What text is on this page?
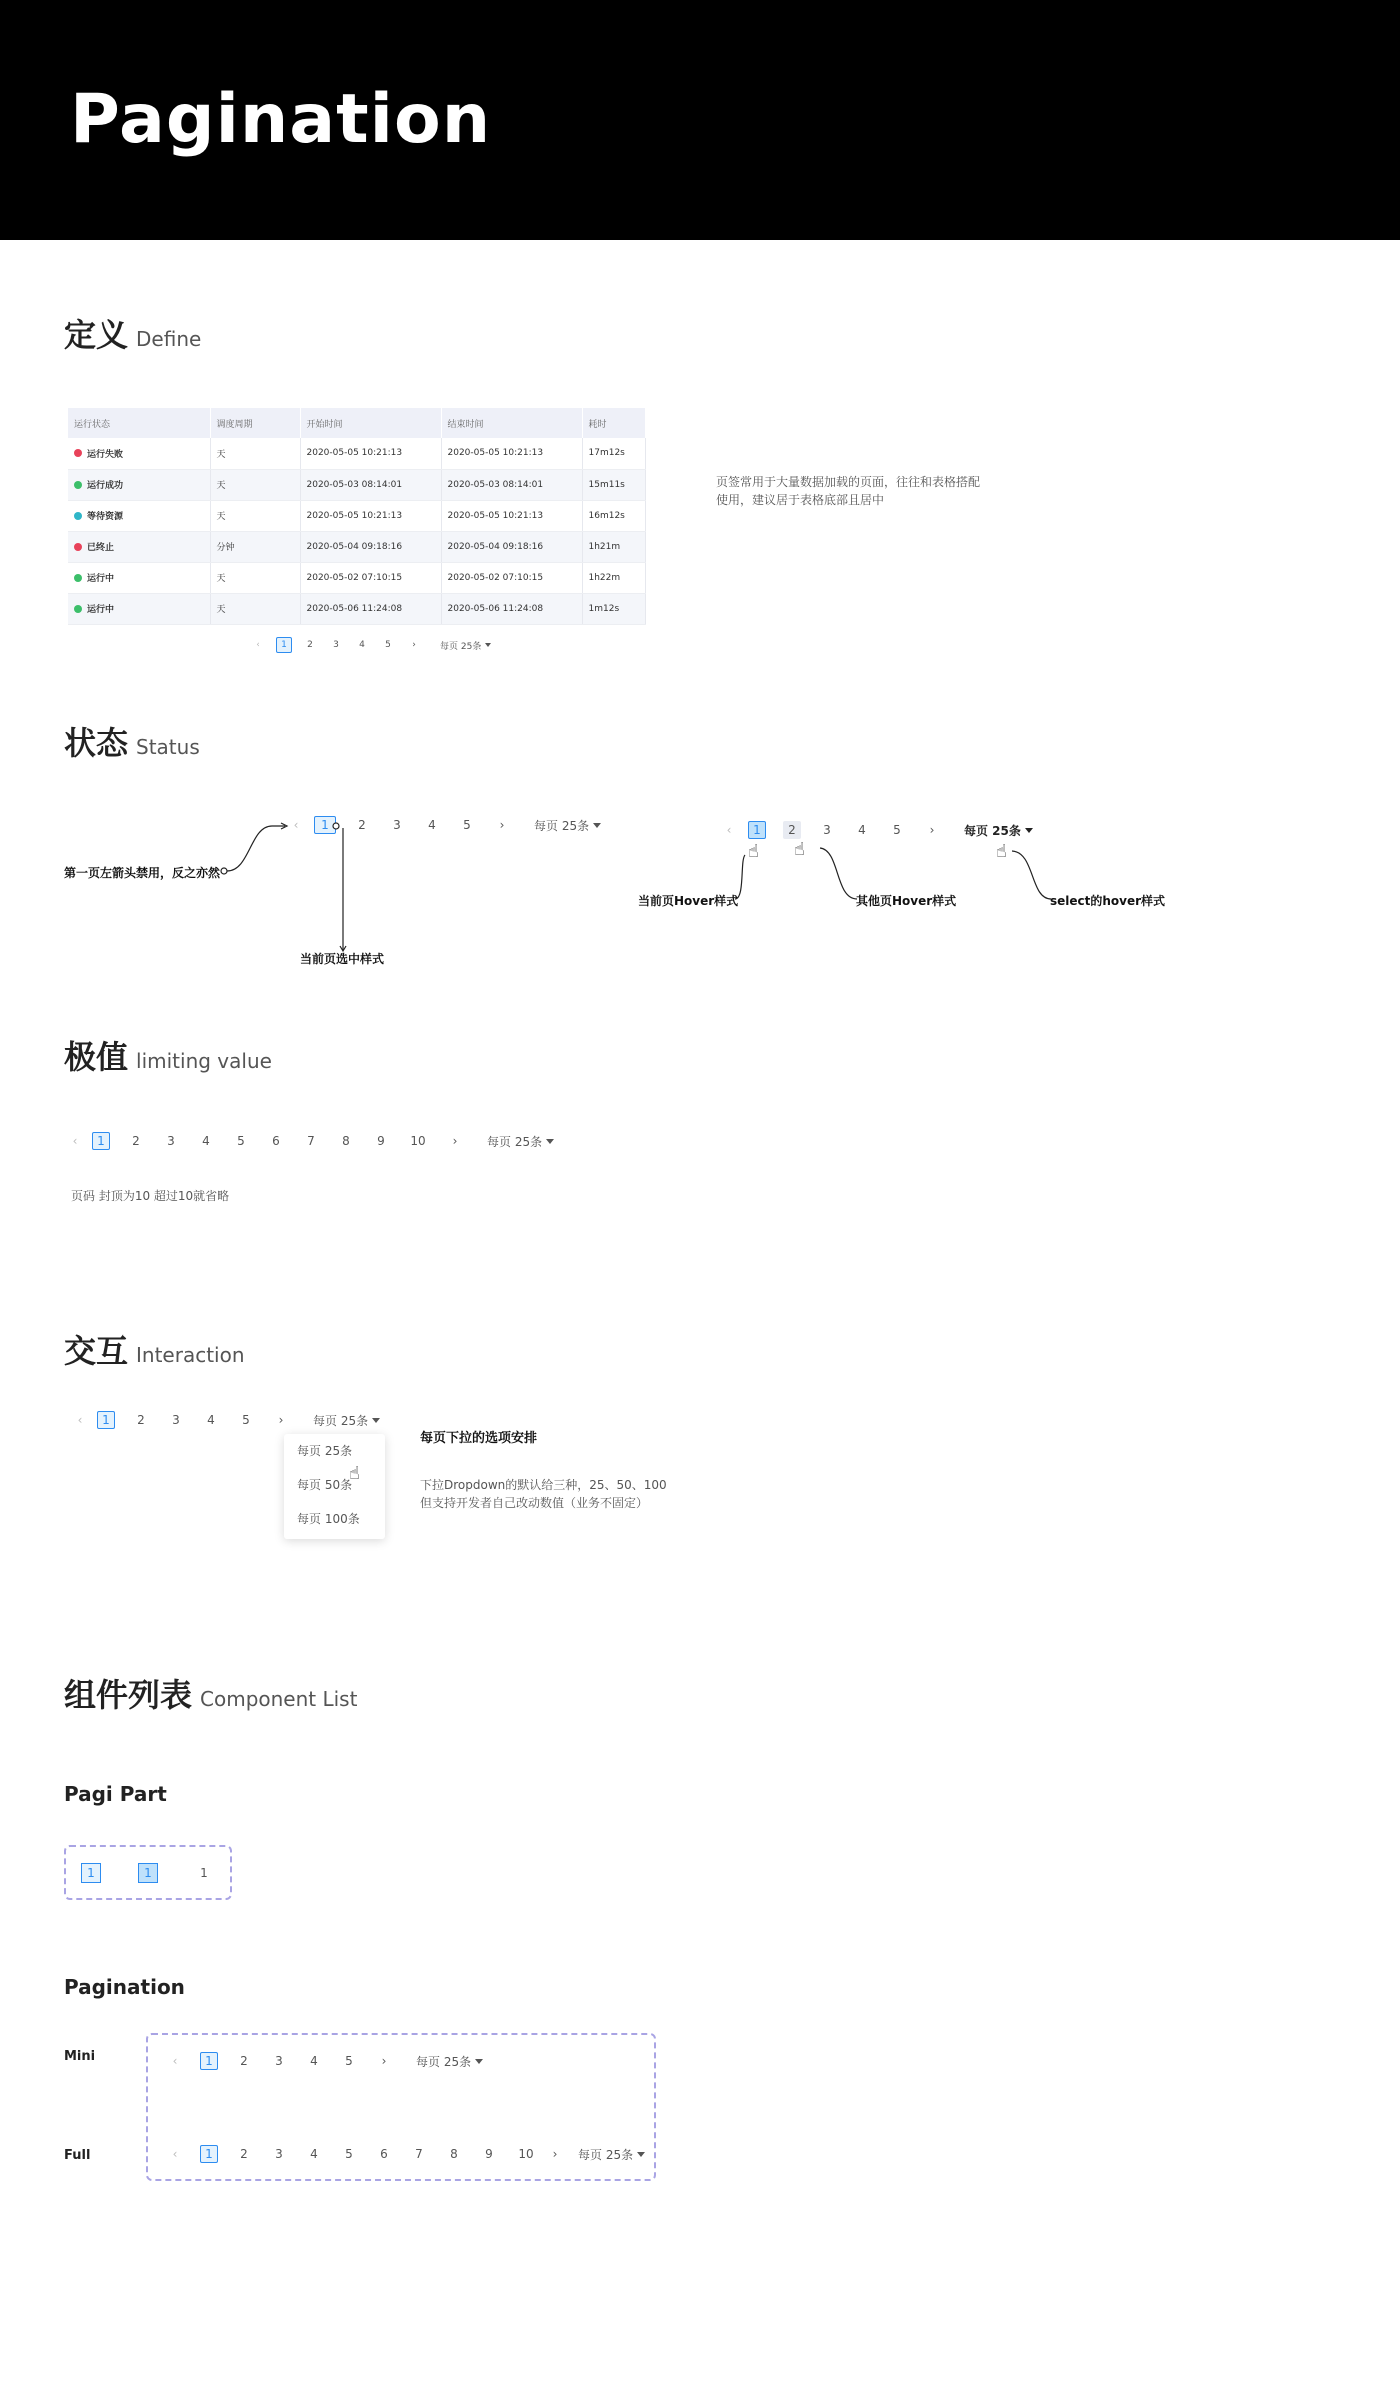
Pagination
定义 Define
运行状态	调度周期	开始时间	结束时间	耗时

运行失败	天	2020-05-05 10:21:13	2020-05-05 10:21:13	17m12s

运行成功	天	2020-05-03 08:14:01	2020-05-03 08:14:01	15m11s

等待资源	天	2020-05-05 10:21:13	2020-05-05 10:21:13	16m12s

已终止	分钟	2020-05-04 09:18:16	2020-05-04 09:18:16	1h21m

运行中	天	2020-05-02 07:10:15	2020-05-02 07:10:15	1h22m

运行中	天	2020-05-06 11:24:08	2020-05-06 11:24:08	1m12s
‹	1	2	3	4	5	›	每页 25条
页签常用于大量数据加载的页面，往往和表格搭配
使用，建议居于表格底部且居中
状态 Status
‹	1	2	3	4	5	›	每页 25条	‹	1	2	3	4	5	›	每页 25条
☝ ☝	☝
第一页左箭头禁用，反之亦然
当前页选中样式
当前页Hover样式	其他页Hover样式	select的hover样式
极值 limiting value
‹	1	2	3	4	5	6	7	8	9	10	›	每页 25条
页码 封顶为10 超过10就省略
交互 Interaction
‹	1	2	3	4	5	›	每页 25条
每页 25条
每页 50条
每页 100条
☝
每页下拉的选项安排
下拉Dropdown的默认给三种，25、50、100
但支持开发者自己改动数值（业务不固定）
组件列表 Component List
Pagi Part
1	1	1
Pagination
Mini	‹	1	2	3	4	5	›	每页 25条
Full	‹	1	2	3	4	5	6	7	8	9	10	›	每页 25条
